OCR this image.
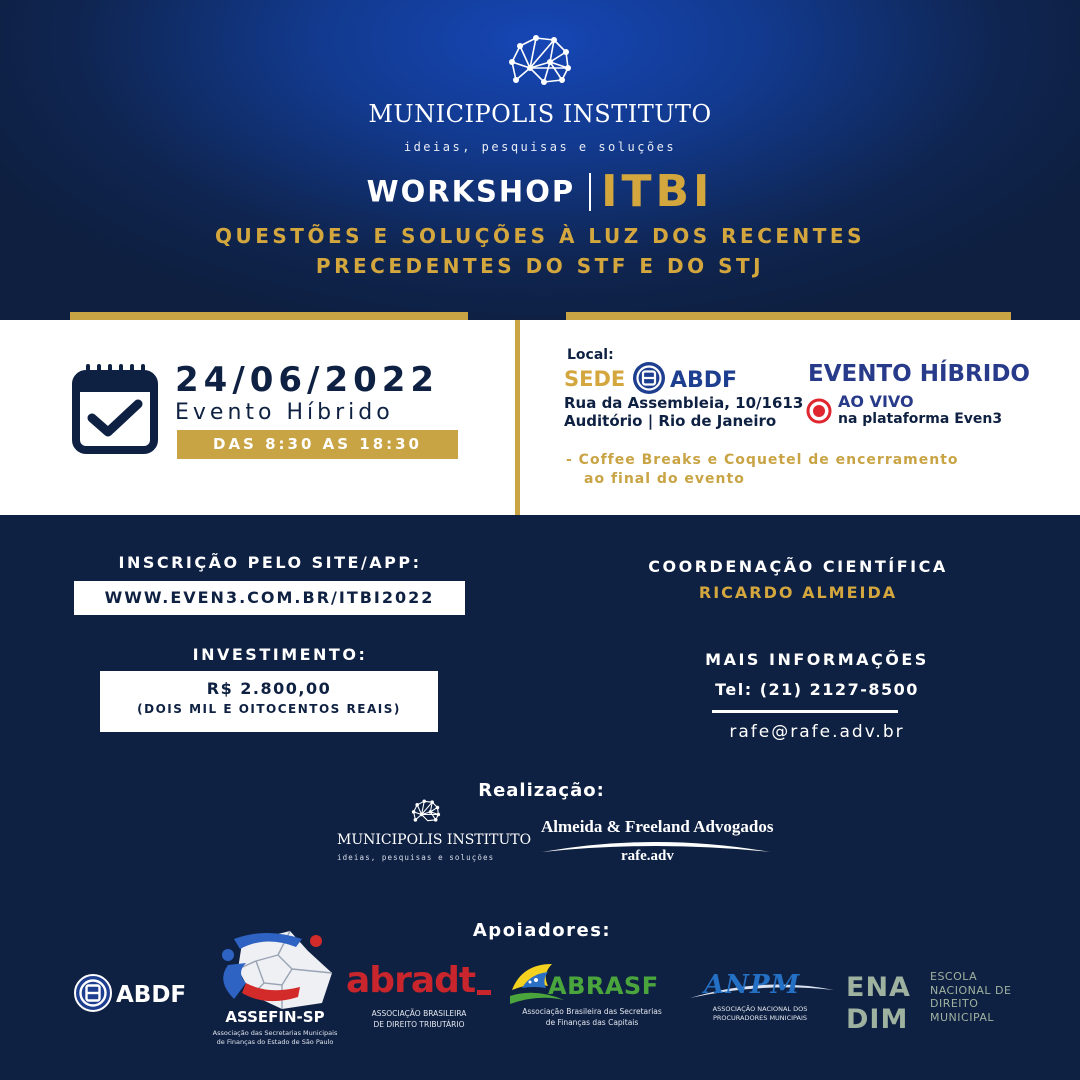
MUNICIPOLIS INSTITUTO
ideias, pesquisas e soluções
WORKSHOP ITBI
QUESTÕES E SOLUÇÕES À LUZ DOS RECENTES
PRECEDENTES DO STF E DO STJ
24/06/2022
Evento Híbrido
DAS 8:30 AS 18:30
Local:
SEDE ABDF
Rua da Assembleia, 10/1613
Auditório | Rio de Janeiro
EVENTO HÍBRIDO
AO VIVO
na plataforma Even3
- Coffee Breaks e Coquetel de encerramento
ao final do evento
INSCRIÇÃO PELO SITE/APP:
WWW.EVEN3.COM.BR/ITBI2022
INVESTIMENTO:
R$ 2.800,00
(DOIS MIL E OITOCENTOS REAIS)
COORDENAÇÃO CIENTÍFICA
RICARDO ALMEIDA
MAIS INFORMAÇÕES
Tel: (21) 2127-8500
rafe@rafe.adv.br
Realização:
MUNICIPOLIS INSTITUTO
ideias, pesquisas e soluções
Almeida & Freeland Advogados
rafe.adv
Apoiadores:
ABDF
ASSEFIN-SP
Associação das Secretarias Municipais
de Finanças do Estado de São Paulo
abradt
ASSOCIAÇÃO BRASILEIRA
DE DIREITO TRIBUTÁRIO
ABRASF
Associação Brasileira das Secretarias
de Finanças das Capitais
ANPM
ASSOCIAÇÃO NACIONAL DOS
PROCURADORES MUNICIPAIS
ENA
DIM
ESCOLA
NACIONAL DE
DIREITO
MUNICIPAL
